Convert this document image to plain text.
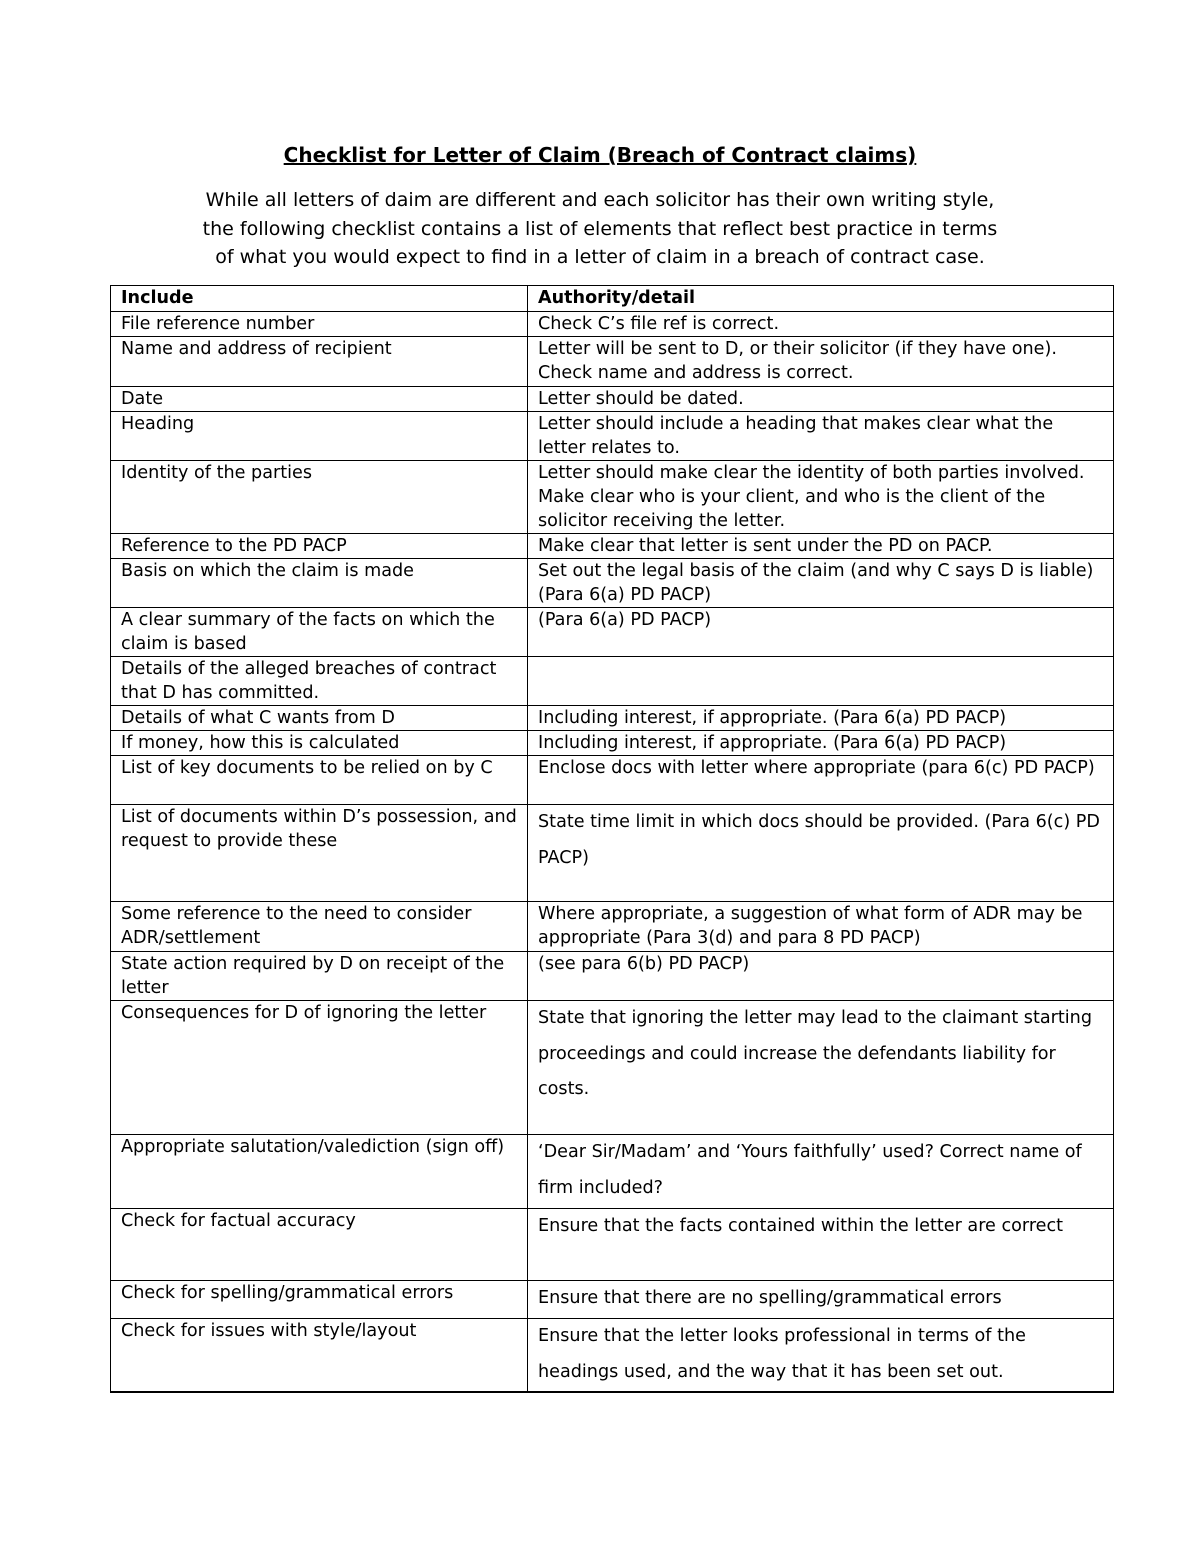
Checklist for Letter of Claim (Breach of Contract claims)
While all letters of daim are different and each solicitor has their own writing style,
the following checklist contains a list of elements that reflect best practice in terms
of what you would expect to find in a letter of claim in a breach of contract case.
Include	Authority/detail
File reference number	Check C’s file ref is correct.
Name and address of recipient	Letter will be sent to D, or their solicitor (if they have one). Check name and address is correct.
Date	Letter should be dated.
Heading	Letter should include a heading that makes clear what the letter relates to.
Identity of the parties	Letter should make clear the identity of both parties involved. Make clear who is your client, and who is the client of the solicitor receiving the letter.
Reference to the PD PACP	Make clear that letter is sent under the PD on PACP.
Basis on which the claim is made	Set out the legal basis of the claim (and why C says D is liable) (Para 6(a) PD PACP)
A clear summary of the facts on which the claim is based	(Para 6(a) PD PACP)
Details of the alleged breaches of contract that D has committed.	
Details of what C wants from D	Including interest, if appropriate. (Para 6(a) PD PACP)
If money, how this is calculated	Including interest, if appropriate. (Para 6(a) PD PACP)
List of key documents to be relied on by C	Enclose docs with letter where appropriate (para 6(c) PD PACP)
List of documents within D’s possession, and request to provide these	State time limit in which docs should be provided. (Para 6(c) PD PACP)
Some reference to the need to consider ADR/settlement	Where appropriate, a suggestion of what form of ADR may be appropriate (Para 3(d) and para 8 PD PACP)
State action required by D on receipt of the letter	(see para 6(b) PD PACP)
Consequences for D of ignoring the letter	State that ignoring the letter may lead to the claimant starting proceedings and could increase the defendants liability for costs.
Appropriate salutation/valediction (sign off)	‘Dear Sir/Madam’ and ‘Yours faithfully’ used? Correct name of firm included?
Check for factual accuracy	Ensure that the facts contained within the letter are correct
Check for spelling/grammatical errors	Ensure that there are no spelling/grammatical errors
Check for issues with style/layout	Ensure that the letter looks professional in terms of the headings used, and the way that it has been set out.
